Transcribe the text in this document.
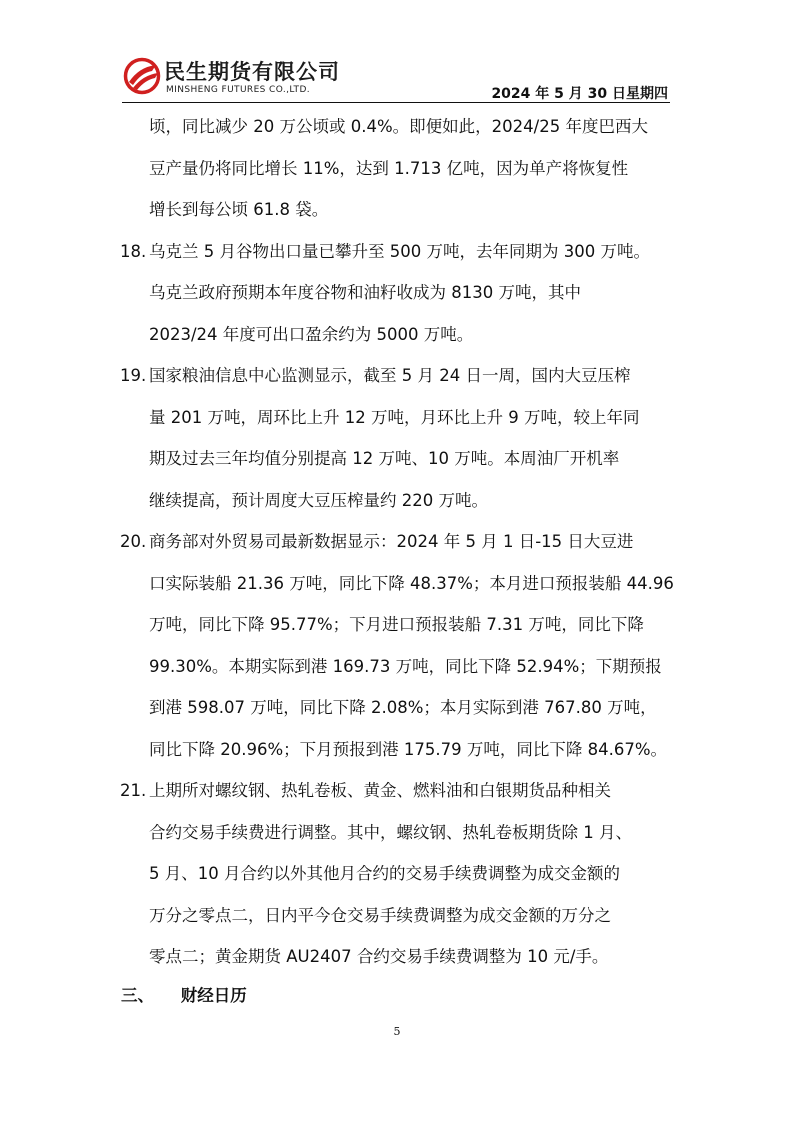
民生期货有限公司
MINSHENG FUTURES CO.,LTD.	2024 年 5 月 30 日星期四
顷，同比减少 20 万公顷或 0.4%。即便如此，2024/25 年度巴西大
豆产量仍将同比增长 11%，达到 1.713 亿吨，因为单产将恢复性
增长到每公顷 61.8 袋。
18. 乌克兰 5 月谷物出口量已攀升至 500 万吨，去年同期为 300 万吨。
乌克兰政府预期本年度谷物和油籽收成为 8130 万吨，其中
2023/24 年度可出口盈余约为 5000 万吨。
19. 国家粮油信息中心监测显示，截至 5 月 24 日一周，国内大豆压榨
量 201 万吨，周环比上升 12 万吨，月环比上升 9 万吨，较上年同
期及过去三年均值分别提高 12 万吨、10 万吨。本周油厂开机率
继续提高，预计周度大豆压榨量约 220 万吨。
20. 商务部对外贸易司最新数据显示：2024 年 5 月 1 日-15 日大豆进
口实际装船 21.36 万吨，同比下降 48.37%；本月进口预报装船 44.96
万吨，同比下降 95.77%；下月进口预报装船 7.31 万吨，同比下降
99.30%。本期实际到港 169.73 万吨，同比下降 52.94%；下期预报
到港 598.07 万吨，同比下降 2.08%；本月实际到港 767.80 万吨，
同比下降 20.96%；下月预报到港 175.79 万吨，同比下降 84.67%。
21. 上期所对螺纹钢、热轧卷板、黄金、燃料油和白银期货品种相关
合约交易手续费进行调整。其中，螺纹钢、热轧卷板期货除 1 月、
5 月、10 月合约以外其他月合约的交易手续费调整为成交金额的
万分之零点二，日内平今仓交易手续费调整为成交金额的万分之
零点二；黄金期货 AU2407 合约交易手续费调整为 10 元/手。
三、 财经日历
5
